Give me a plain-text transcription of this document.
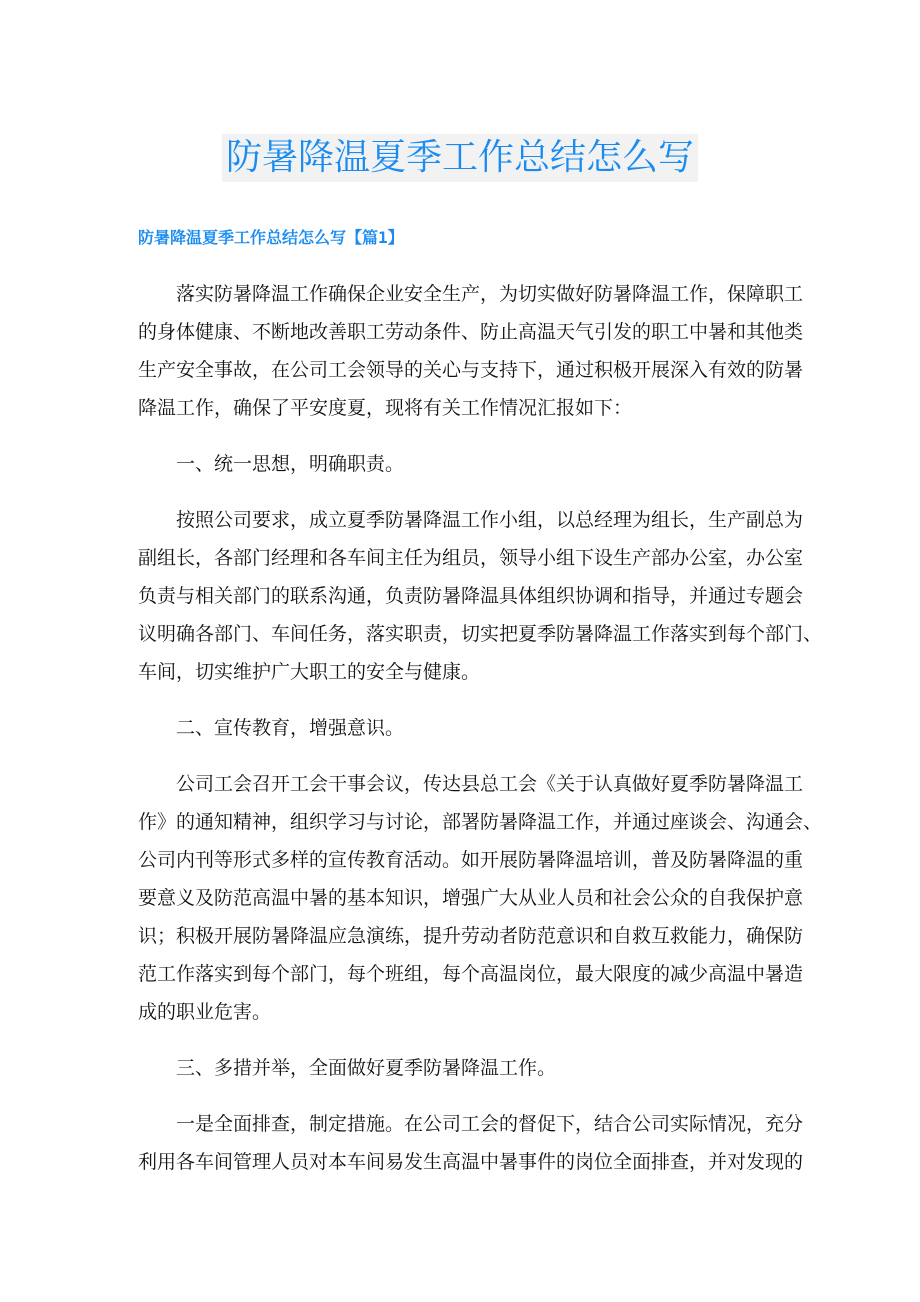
防暑降温夏季工作总结怎么写
防暑降温夏季工作总结怎么写【篇1】
落实防暑降温工作确保企业安全生产，为切实做好防暑降温工作，保障职工
的身体健康、不断地改善职工劳动条件、防止高温天气引发的职工中暑和其他类
生产安全事故，在公司工会领导的关心与支持下，通过积极开展深入有效的防暑
降温工作，确保了平安度夏，现将有关工作情况汇报如下：
一、统一思想，明确职责。
按照公司要求，成立夏季防暑降温工作小组，以总经理为组长，生产副总为
副组长，各部门经理和各车间主任为组员，领导小组下设生产部办公室，办公室
负责与相关部门的联系沟通，负责防暑降温具体组织协调和指导，并通过专题会
议明确各部门、车间任务，落实职责，切实把夏季防暑降温工作落实到每个部门、
车间，切实维护广大职工的安全与健康。
二、宣传教育，增强意识。
公司工会召开工会干事会议，传达县总工会《关于认真做好夏季防暑降温工
作》的通知精神，组织学习与讨论，部署防暑降温工作，并通过座谈会、沟通会、
公司内刊等形式多样的宣传教育活动。如开展防暑降温培训，普及防暑降温的重
要意义及防范高温中暑的基本知识，增强广大从业人员和社会公众的自我保护意
识；积极开展防暑降温应急演练，提升劳动者防范意识和自救互救能力，确保防
范工作落实到每个部门，每个班组，每个高温岗位，最大限度的减少高温中暑造
成的职业危害。
三、多措并举，全面做好夏季防暑降温工作。
一是全面排查，制定措施。在公司工会的督促下，结合公司实际情况，充分
利用各车间管理人员对本车间易发生高温中暑事件的岗位全面排查，并对发现的
